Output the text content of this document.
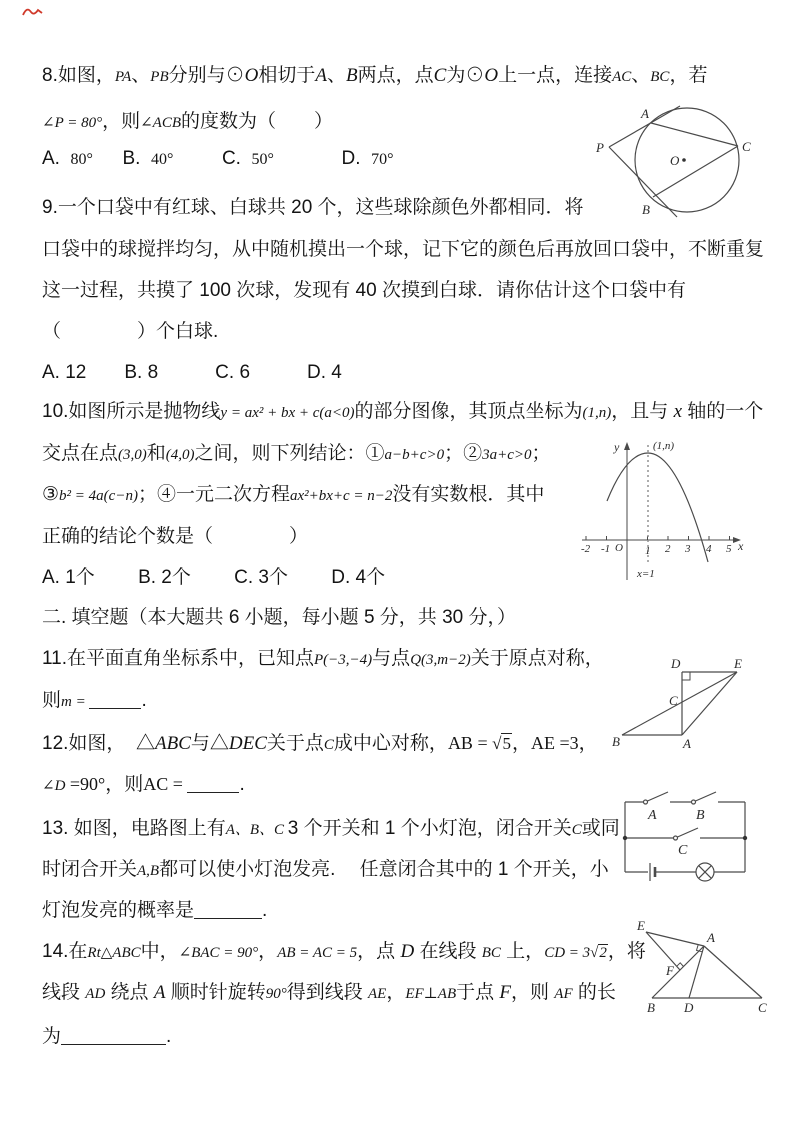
8.如图，PA、PB分别与⊙O相切于A、B两点，点C为⊙O上一点，连接AC、BC，若
∠P = 80°，则∠ACB的度数为（　　）
A.  80°　  B.  40°　　  C.  50°　　　  D.  70°
A
P
B
C
O
9.一个口袋中有红球、白球共 20 个，这些球除颜色外都相同．将
口袋中的球搅拌均匀，从中随机摸出一个球，记下它的颜色后再放回口袋中，不断重复
这一过程，共摸了 100 次球，发现有 40 次摸到白球．请你估计这个口袋中有
（　　　　）个白球.
A. 12　　B. 8　　　C. 6　　　D. 4
10.如图所示是抛物线y = ax² + bx + c(a<0)的部分图像，其顶点坐标为(1,n)，且与 x 轴的一个
交点在点(3,0)和(4,0)之间，则下列结论：①a−b+c>0；②3a+c>0；
③b² = 4a(c−n)；④一元二次方程ax²+bx+c = n−2没有实数根．其中
正确的结论个数是（　　　　）
A. 1个　　 B. 2个　　 C. 3个　　 D. 4个
-2 -1	1 2 3 4 5
O
y
x
(1,n)
x=1
二. 填空题（本大题共 6 小题，每小题 5 分，共 30 分，）
11.在平面直角坐标系中，已知点P(−3,−4)与点Q(3,m−2)关于原点对称，
则m =	.
12.如图，  △ABC与△DEC关于点C成中心对称，AB = √5，AE =3，
∠D =90°，则AC =	.
D	E
C
B	A
13. 如图，电路图上有A、B、C 3 个开关和 1 个小灯泡，闭合开关C或同
时闭合开关A,B都可以使小灯泡发亮.　 任意闭合其中的 1 个开关，小
灯泡发亮的概率是	.
A	B
C
14.在Rt△ABC中，∠BAC = 90°，AB = AC = 5，点 D 在线段 BC 上，CD = 3√2，将
线段 AD 绕点 A 顺时针旋转90°得到线段 AE，EF⊥AB于点 F，则 AF 的长
为	.
E
A
F
B D	C
